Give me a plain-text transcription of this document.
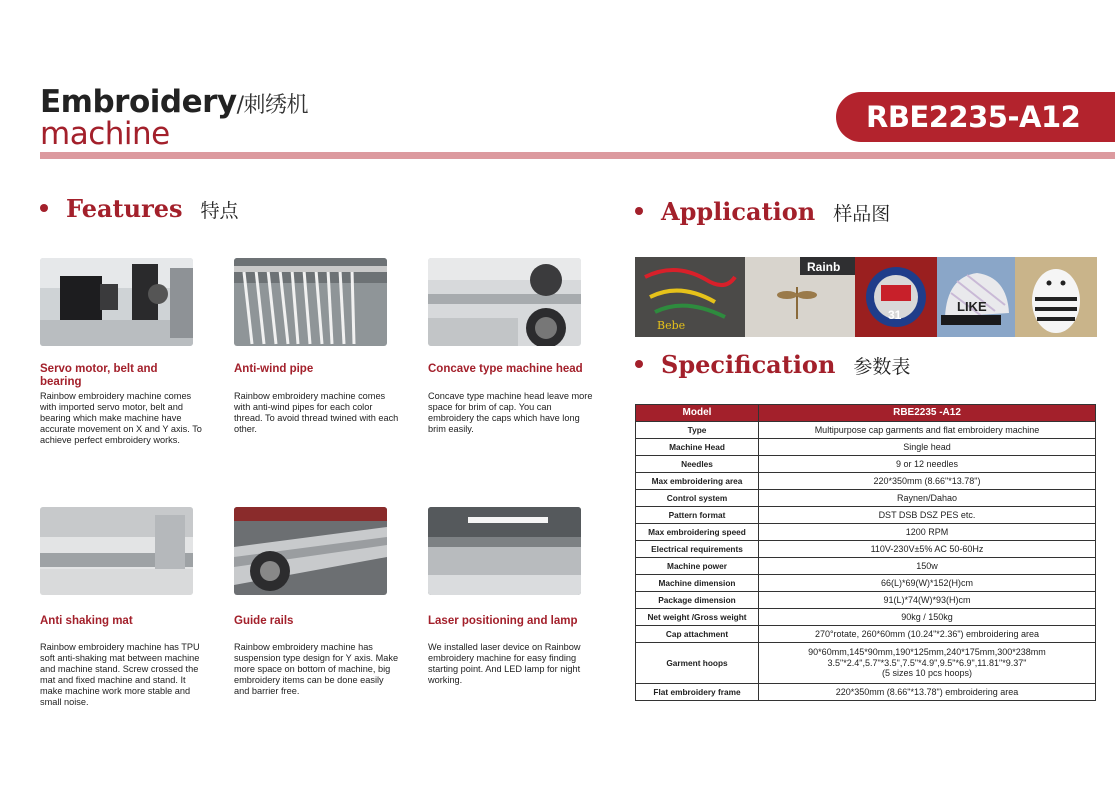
Embroidery/刺绣机
machine	RBE2235-A12
Features 特点
Servo motor, belt and bearing
Rainbow embroidery machine comes with imported servo motor, belt and bearing which make machine have accurate movement on X and Y axis. To achieve perfect embroidery works.
Anti-wind pipe
Rainbow embroidery machine comes with anti-wind pipes for each color thread. To avoid thread twined with each other.
Concave type machine head
Concave type machine head leave more space for brim of cap. You can embroidery the caps which have long brim easily.
Anti shaking mat
Rainbow embroidery machine has TPU soft anti-shaking mat between machine and machine stand. Screw crossed the mat and fixed machine and stand. It make machine work more stable and small noise.
Guide rails
Rainbow embroidery machine has suspension type design for Y axis. Make more space on bottom of machine, big embroidery items can be done easily and barrier free.
Laser positioning and lamp
We installed laser device on Rainbow embroidery machine for easy finding starting point. And LED lamp for night working.
Application 样品图
Bebe
Rainb
31
LIKE
Specification 参数表
Model	RBE2235 -A12
Type	Multipurpose cap garments and flat embroidery machine
Machine Head	Single head
Needles	9 or 12 needles
Max embroidering area	220*350mm (8.66"*13.78")
Control system	Raynen/Dahao
Pattern format	DST DSB DSZ PES etc.
Max embroidering speed	1200 RPM
Electrical requirements	110V-230V±5% AC 50-60Hz
Machine power	150w
Machine dimension	66(L)*69(W)*152(H)cm
Package dimension	91(L)*74(W)*93(H)cm
Net weight /Gross weight	90kg / 150kg
Cap attachment	270°rotate, 260*60mm (10.24"*2.36") embroidering area
Garment hoops	90*60mm,145*90mm,190*125mm,240*175mm,300*238mm
3.5"*2.4",5.7"*3.5",7.5"*4.9",9.5"*6.9",11.81"*9.37"
(5 sizes 10 pcs hoops)

Flat embroidery frame	220*350mm (8.66"*13.78") embroidering area
